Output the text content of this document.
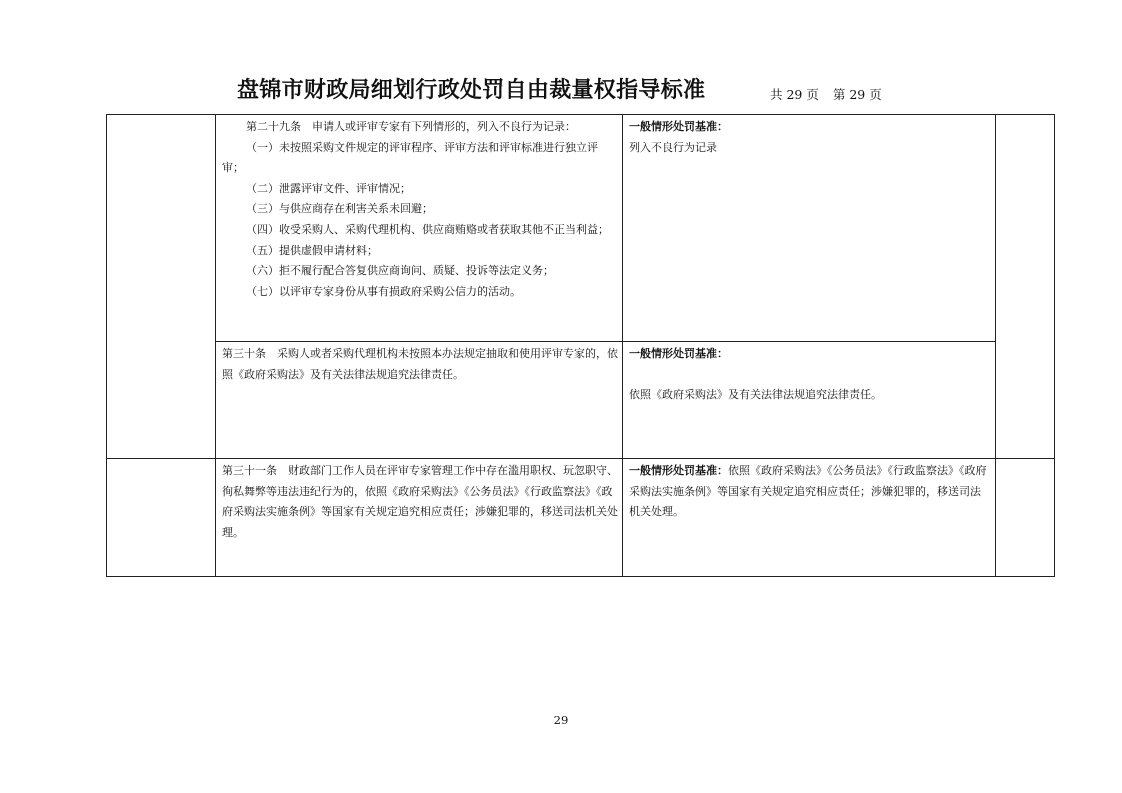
盘锦市财政局细划行政处罚自由裁量权指导标准	共 29 页 第 29 页

第二十九条　申请人或评审专家有下列情形的，列入不良行为记录：

（一）未按照采购文件规定的评审程序、评审方法和评审标准进行独立评审；

（二）泄露评审文件、评审情况；

（三）与供应商存在利害关系未回避；

（四）收受采购人、采购代理机构、供应商贿赂或者获取其他不正当利益；

（五）提供虚假申请材料；

（六）拒不履行配合答复供应商询问、质疑、投诉等法定义务；

（七）以评审专家身份从事有损政府采购公信力的活动。

一般情形处罚基准：

列入不良行为记录

第三十条　采购人或者采购代理机构未按照本办法规定抽取和使用评审专家的，依照《政府采购法》及有关法律法规追究法律责任。

一般情形处罚基准：

依照《政府采购法》及有关法律法规追究法律责任。

第三十一条　财政部门工作人员在评审专家管理工作中存在滥用职权、玩忽职守、徇私舞弊等违法违纪行为的，依照《政府采购法》《公务员法》《行政监察法》《政府采购法实施条例》等国家有关规定追究相应责任；涉嫌犯罪的，移送司法机关处理。

一般情形处罚基准：依照《政府采购法》《公务员法》《行政监察法》《政府采购法实施条例》等国家有关规定追究相应责任；涉嫌犯罪的，移送司法机关处理。

29
